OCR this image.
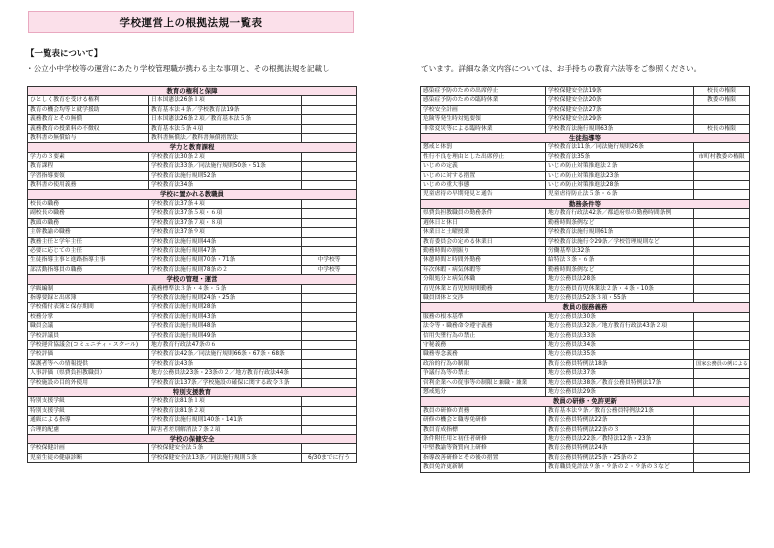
学校運営上の根拠法規一覧表
【一覧表について】
・公立小中学校等の運営にあたり学校管理職が携わる主な事項と、その根拠法規を記載し	ています。詳細な条文内容については、お手持ちの教育六法等をご参照ください。
教育の権利と保障		
ひとしく教育を受ける権利	日本国憲法26条１項	
教育の機会均等と就学援助	教育基本法４条／学校教育法19条	
義務教育とその無償	日本国憲法26条２項／教育基本法５条	
義務教育の授業料の不徴収	教育基本法５条４項	
教科書の無償給与	教科書無償法／教科書無償措置法	
学力と教育課程		
学力の３要素	学校教育法30条２項	
教育課程	学校教育法33条／同法施行規則50条・51条	
学習指導要領	学校教育法施行規則52条	
教科書の使用義務	学校教育法34条	
学校に置かれる教職員		
校長の職務	学校教育法37条４項	
副校長の職務	学校教育法37条５項・６項	
教頭の職務	学校教育法37条７項・８項	
主幹教諭の職務	学校教育法37条９項	
教務主任と学年主任	学校教育法施行規則44条	
必要に応じての主任	学校教育法施行規則47条	
生徒指導主事と進路指導主事	学校教育法施行規則70条・71条	中学校等
部活動指導員の職務	学校教育法施行規則78条の２	中学校等
学校の管理・運営		
学級編制	義務標準法３条・４条・５条	
指導要録と出席簿	学校教育法施行規則24条・25条	
学校備付表簿と保存期間	学校教育法施行規則28条	
校務分掌	学校教育法施行規則43条	
職員会議	学校教育法施行規則48条	
学校評議員	学校教育法施行規則49条	
学校運営協議会(コミュニティ・スクール)	地方教育行政法47条の６	
学校評価	学校教育法42条／同法施行規則66条・67条・68条	
保護者等への情報提供	学校教育法43条	
人事評価（県費負担教職員）	地方公務員法23条・23条の２／地方教育行政法44条	
学校施設の目的外使用	学校教育法137条／学校施設の確保に関する政令３条	
特別支援教育		
特別支援学級	学校教育法81条１項	
特別支援学級	学校教育法81条２項	
通級による指導	学校教育法施行規則140条・141条	
合理的配慮	障害者差別解消法７条２項	
学校の保健安全		
学校保健計画	学校保健安全法５条	
児童生徒の健康診断	学校保健安全法13条／同法施行規則５条	6/30までに行う
感染症予防のための出席停止	学校保健安全法19条	校長の権限
感染症予防のための臨時休業	学校保健安全法20条	教委の権限
学校安全計画	学校保健安全法27条	
危険等発生時対処要領	学校保健安全法29条	
非常変災等による臨時休業	学校教育法施行規則63条	校長の権限
生徒指導等		
懲戒と体罰	学校教育法11条／同法施行規則26条	
性行不良を理由とした出席停止	学校教育法35条	市町村教委の権限
いじめの定義	いじめ防止対策推進法２条	
いじめに対する措置	いじめ防止対策推進法23条	
いじめの重大事態	いじめ防止対策推進法28条	
児童虐待の早期発見と通告	児童虐待防止法５条・６条	
勤務条件等		
県費負担教職員の勤務条件	地方教育行政法42条／都道府県の勤務時間条例	
週休日と休日	勤務時間条例など	
休業日と土曜授業	学校教育法施行規則61条	
教育委員会の定める休業日	学校教育法施行令29条／学校管理規則など	
勤務時間の割振り	労働基準法32条	
休憩時間と時間外勤務	給特法３条・６条	
年次休暇・病気休暇等	勤務時間条例など	
分限処分と病気休職	地方公務員法28条	
育児休業と育児短時間勤務	地方公務員育児休業法２条・４条・10条	
職員団体と交渉	地方公務員法52条３項・55条	
教員の服務義務		
服務の根本基準	地方公務員法30条	
法令等・職務命令遵守義務	地方公務員法32条／地方教育行政法43条２項	
信用失墜行為の禁止	地方公務員法33条	
守秘義務	地方公務員法34条	
職務専念義務	地方公務員法35条	
政治的行為の制限	教育公務員特例法18条	国家公務員の例による
争議行為等の禁止	地方公務員法37条	
営利企業への従事等の制限と兼職・兼業	地方公務員法38条／教育公務員特例法17条	
懲戒処分	地方公務員法29条	
教員の研修・免許更新		
教員の研修の責務	教育基本法９条／教育公務員特例法21条	
研修の機会と職専免研修	教育公務員特例法22条	
教員育成指標	教育公務員特例法22条の３	
条件附任用と初任者研修	地方公務員法22条／教特法12条・23条	
中堅教諭等資質向上研修	教育公務員特例法24条	
指導改善研修とその後の措置	教育公務員特例法25条・25条の２	
教員免許更新制	教育職員免許法９条・９条の２・９条の３など	
